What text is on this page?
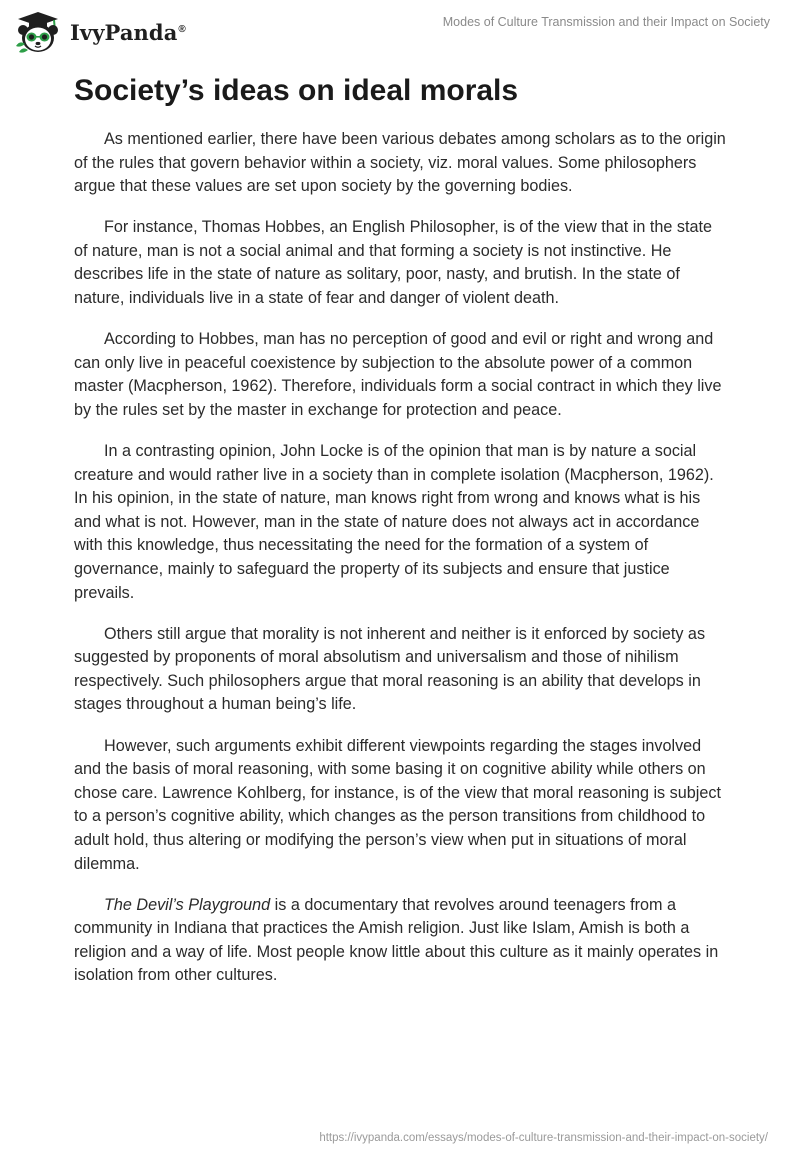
IvyPanda®	Modes of Culture Transmission and their Impact on Society
Society’s ideas on ideal morals

As mentioned earlier, there have been various debates among scholars as to the origin of the rules that govern behavior within a society, viz. moral values. Some philosophers argue that these values are set upon society by the governing bodies.

For instance, Thomas Hobbes, an English Philosopher, is of the view that in the state of nature, man is not a social animal and that forming a society is not instinctive. He describes life in the state of nature as solitary, poor, nasty, and brutish. In the state of nature, individuals live in a state of fear and danger of violent death.

According to Hobbes, man has no perception of good and evil or right and wrong and can only live in peaceful coexistence by subjection to the absolute power of a common master (Macpherson, 1962). Therefore, individuals form a social contract in which they live by the rules set by the master in exchange for protection and peace.

In a contrasting opinion, John Locke is of the opinion that man is by nature a social creature and would rather live in a society than in complete isolation (Macpherson, 1962). In his opinion, in the state of nature, man knows right from wrong and knows what is his and what is not. However, man in the state of nature does not always act in accordance with this knowledge, thus necessitating the need for the formation of a system of governance, mainly to safeguard the property of its subjects and ensure that justice prevails.

Others still argue that morality is not inherent and neither is it enforced by society as suggested by proponents of moral absolutism and universalism and those of nihilism respectively. Such philosophers argue that moral reasoning is an ability that develops in stages throughout a human being’s life.

However, such arguments exhibit different viewpoints regarding the stages involved and the basis of moral reasoning, with some basing it on cognitive ability while others on chose care. Lawrence Kohlberg, for instance, is of the view that moral reasoning is subject to a person’s cognitive ability, which changes as the person transitions from childhood to adult hold, thus altering or modifying the person’s view when put in situations of moral dilemma.

The Devil’s Playground is a documentary that revolves around teenagers from a community in Indiana that practices the Amish religion. Just like Islam, Amish is both a religion and a way of life. Most people know little about this culture as it mainly operates in isolation from other cultures.

https://ivypanda.com/essays/modes-of-culture-transmission-and-their-impact-on-society/
